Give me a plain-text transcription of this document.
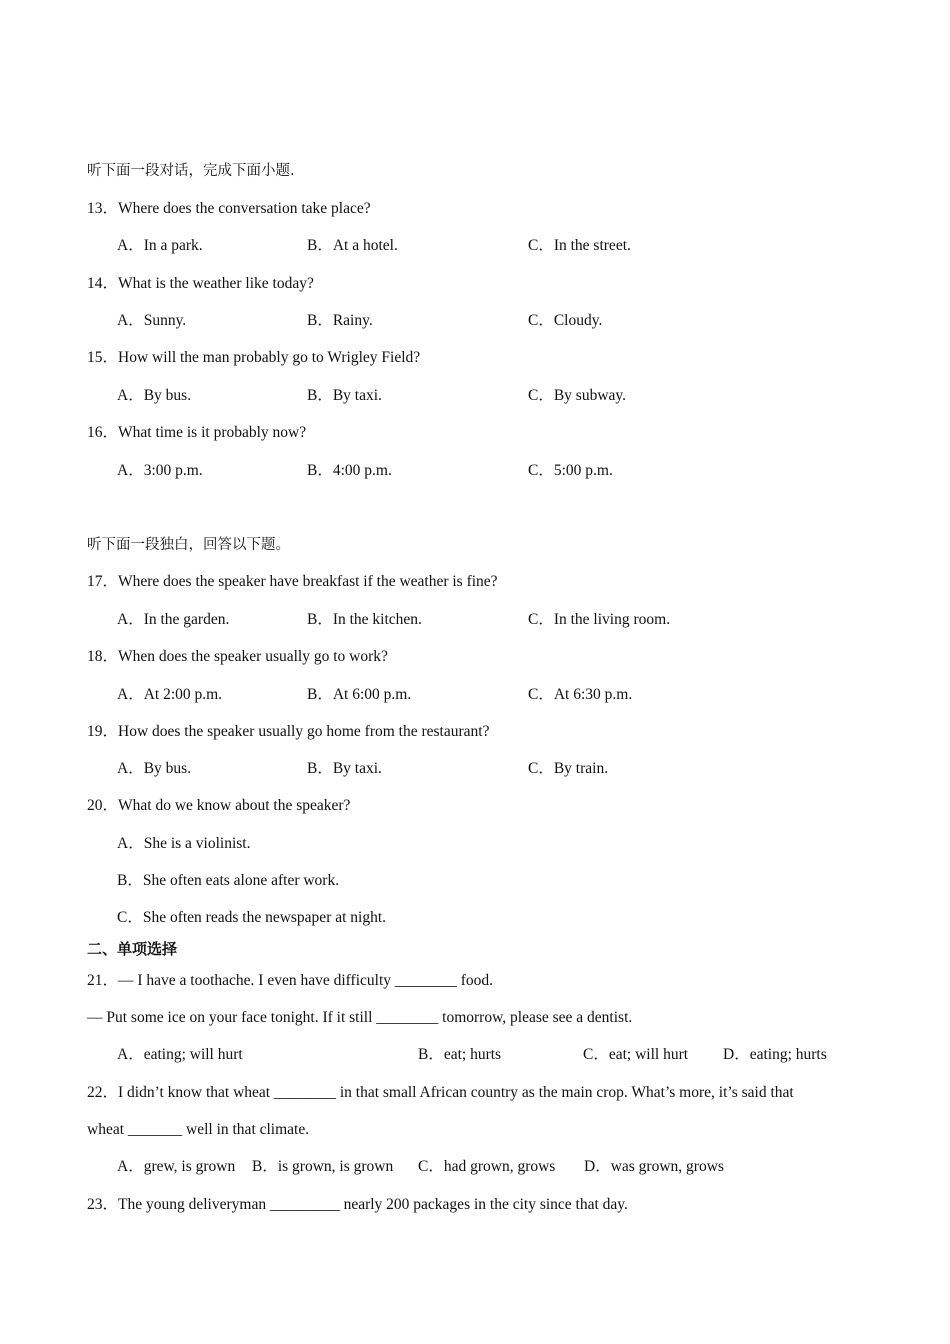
听下面一段对话，完成下面小题.
13．Where does the conversation take place?
A．In a park.	B．At a hotel.	C．In the street.
14．What is the weather like today?
A．Sunny.	B．Rainy.	C．Cloudy.
15．How will the man probably go to Wrigley Field?
A．By bus.	B．By taxi.	C．By subway.
16．What time is it probably now?
A．3:00 p.m.	B．4:00 p.m.	C．5:00 p.m.
听下面一段独白，回答以下题。
17．Where does the speaker have breakfast if the weather is fine?
A．In the garden.	B．In the kitchen.	C．In the living room.
18．When does the speaker usually go to work?
A．At 2:00 p.m.	B．At 6:00 p.m.	C．At 6:30 p.m.
19．How does the speaker usually go home from the restaurant?
A．By bus.	B．By taxi.	C．By train.
20．What do we know about the speaker?
A．She is a violinist.
B．She often eats alone after work.
C．She often reads the newspaper at night.
二、单项选择
21．— I have a toothache. I even have difficulty ________ food.
— Put some ice on your face tonight. If it still ________ tomorrow, please see a dentist.
A．eating; will hurt	B．eat; hurts	C．eat; will hurt D．eating; hurts
22．I didn’t know that wheat ________ in that small African country as the main crop. What’s more, it’s said that
wheat _______ well in that climate.
A．grew, is grown B．is grown, is grown C．had grown, grows D．was grown, grows
23．The young deliveryman _________ nearly 200 packages in the city since that day.
